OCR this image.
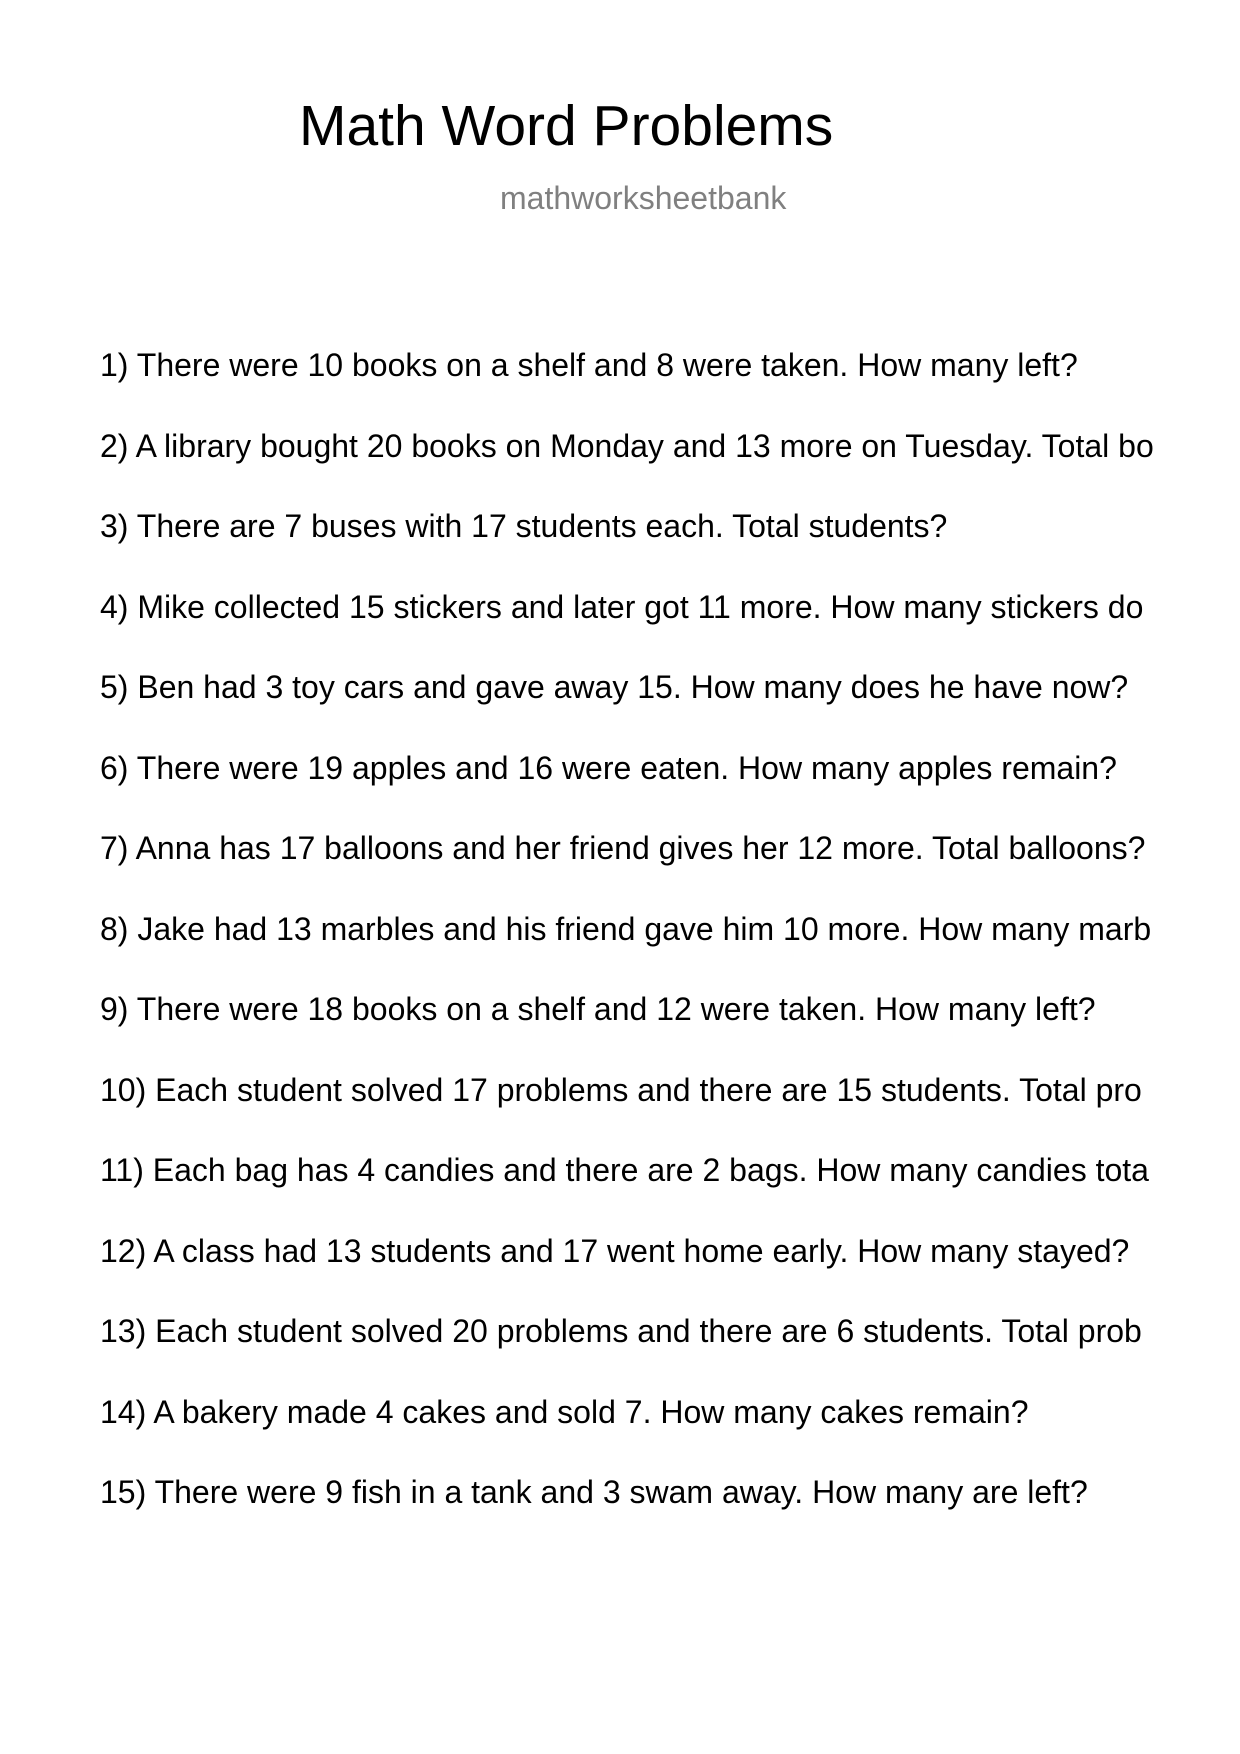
Math Word Problems
mathworksheetbank
1) There were 10 books on a shelf and 8 were taken. How many left?
2) A library bought 20 books on Monday and 13 more on Tuesday. Total bo
3) There are 7 buses with 17 students each. Total students?
4) Mike collected 15 stickers and later got 11 more. How many stickers do
5) Ben had 3 toy cars and gave away 15. How many does he have now?
6) There were 19 apples and 16 were eaten. How many apples remain?
7) Anna has 17 balloons and her friend gives her 12 more. Total balloons?
8) Jake had 13 marbles and his friend gave him 10 more. How many marb
9) There were 18 books on a shelf and 12 were taken. How many left?
10) Each student solved 17 problems and there are 15 students. Total pro
11) Each bag has 4 candies and there are 2 bags. How many candies tota
12) A class had 13 students and 17 went home early. How many stayed?
13) Each student solved 20 problems and there are 6 students. Total prob
14) A bakery made 4 cakes and sold 7. How many cakes remain?
15) There were 9 fish in a tank and 3 swam away. How many are left?
